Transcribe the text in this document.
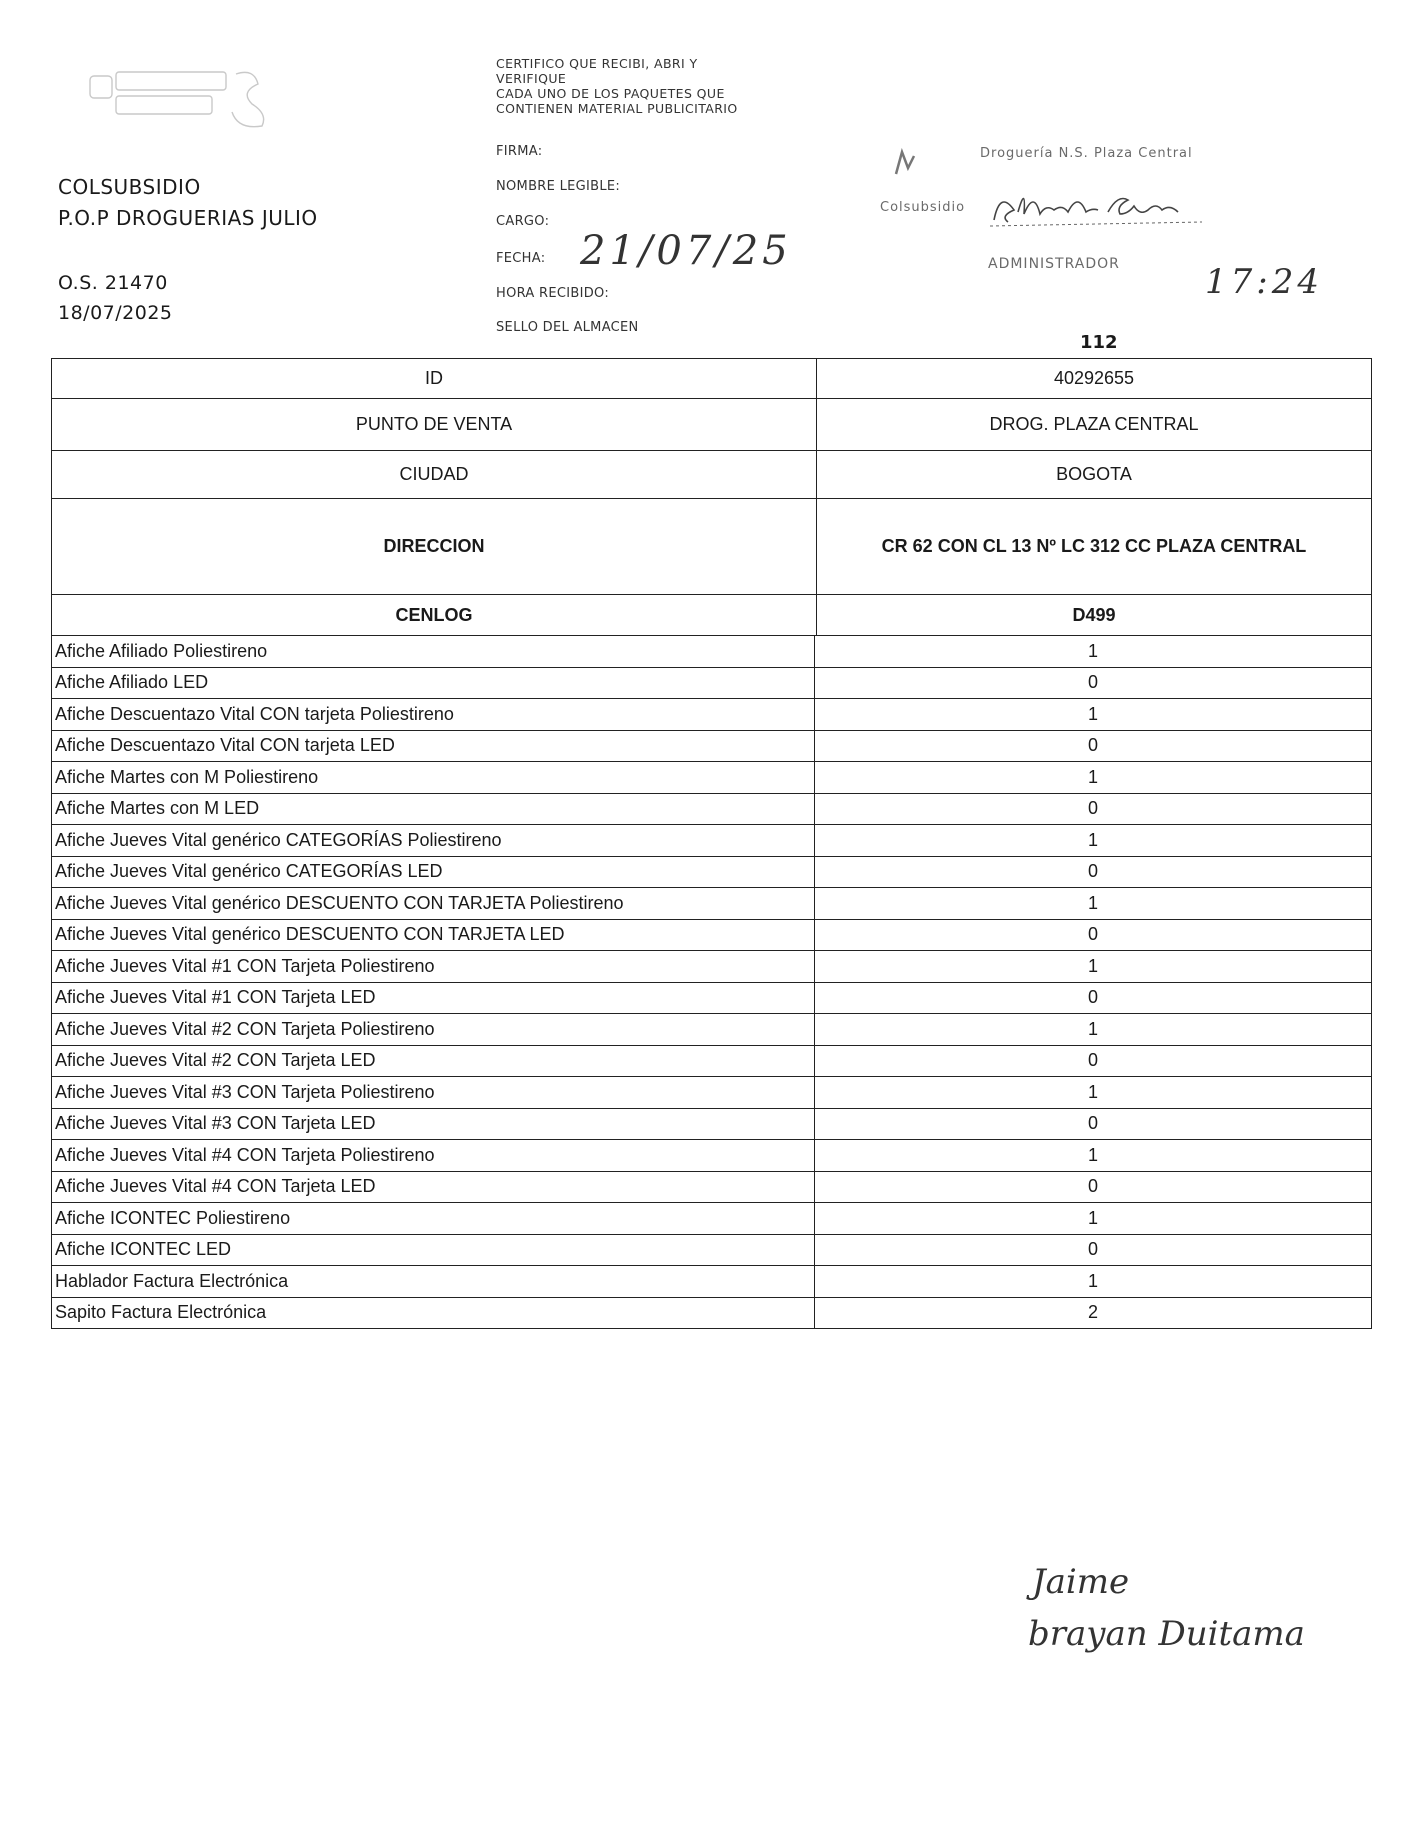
COLSUBSIDIO
P.O.P DROGUERIAS JULIO
O.S. 21470
18/07/2025
CERTIFICO QUE RECIBI, ABRI Y
VERIFIQUE
CADA UNO DE LOS PAQUETES QUE
CONTIENEN MATERIAL PUBLICITARIO
FIRMA:
NOMBRE LEGIBLE:
CARGO:
FECHA:
HORA RECIBIDO:
SELLO DEL ALMACEN
21/07/25
Droguería N.S. Plaza Central
Colsubsidio
ADMINISTRADOR	17:24
112
ID	40292655
PUNTO DE VENTA	DROG. PLAZA CENTRAL
CIUDAD	BOGOTA
DIRECCION	CR 62 CON CL 13 Nº LC 312 CC PLAZA CENTRAL
CENLOG	D499
Afiche Afiliado Poliestireno	1
Afiche Afiliado LED	0
Afiche Descuentazo Vital CON tarjeta Poliestireno	1
Afiche Descuentazo Vital CON tarjeta LED	0
Afiche Martes con M Poliestireno	1
Afiche Martes con M LED	0
Afiche Jueves Vital genérico CATEGORÍAS Poliestireno	1
Afiche Jueves Vital genérico CATEGORÍAS LED	0
Afiche Jueves Vital genérico DESCUENTO CON TARJETA Poliestireno	1
Afiche Jueves Vital genérico DESCUENTO CON TARJETA LED	0
Afiche Jueves Vital #1 CON Tarjeta Poliestireno	1
Afiche Jueves Vital #1 CON Tarjeta LED	0
Afiche Jueves Vital #2 CON Tarjeta Poliestireno	1
Afiche Jueves Vital #2 CON Tarjeta LED	0
Afiche Jueves Vital #3 CON Tarjeta Poliestireno	1
Afiche Jueves Vital #3 CON Tarjeta LED	0
Afiche Jueves Vital #4 CON Tarjeta Poliestireno	1
Afiche Jueves Vital #4 CON Tarjeta LED	0
Afiche ICONTEC Poliestireno	1
Afiche ICONTEC LED	0
Hablador Factura Electrónica	1
Sapito Factura Electrónica	2
Jaime
brayan Duitama
